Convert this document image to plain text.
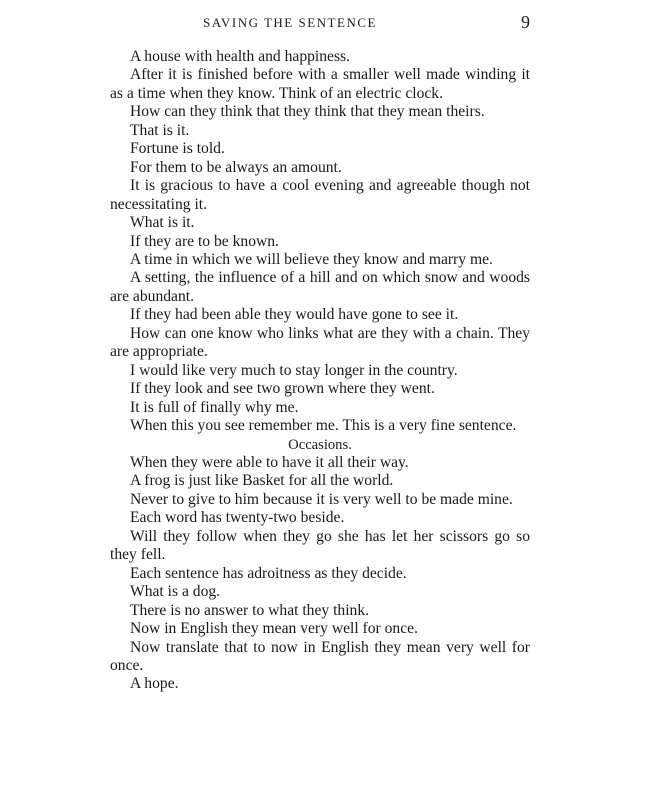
SAVING THE SENTENCE	9

A house with health and happiness.

After it is finished before with a smaller well made winding it as a time when they know. Think of an electric clock.

How can they think that they think that they mean theirs.

That is it.

Fortune is told.

For them to be always an amount.

It is gracious to have a cool evening and agreeable though not necessitating it.

What is it.

If they are to be known.

A time in which we will believe they know and marry me.

A setting, the influence of a hill and on which snow and woods are abundant.

If they had been able they would have gone to see it.

How can one know who links what are they with a chain. They are appropriate.

I would like very much to stay longer in the country.

If they look and see two grown where they went.

It is full of finally why me.

When this you see remember me. This is a very fine sentence.

Occasions.

When they were able to have it all their way.

A frog is just like Basket for all the world.

Never to give to him because it is very well to be made mine.

Each word has twenty-two beside.

Will they follow when they go she has let her scissors go so they fell.

Each sentence has adroitness as they decide.

What is a dog.

There is no answer to what they think.

Now in English they mean very well for once.

Now translate that to now in English they mean very well for once.

A hope.
